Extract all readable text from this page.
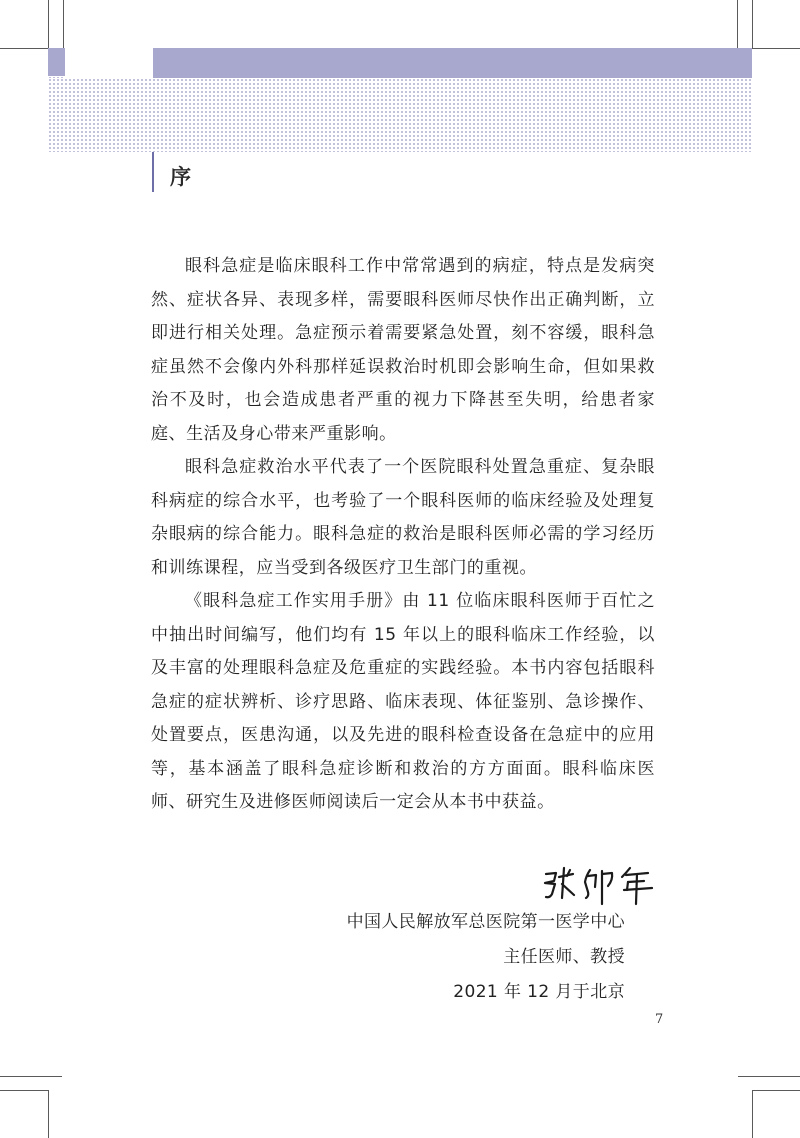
序

眼科急症是临床眼科工作中常常遇到的病症，特点是发病突然、症状各异、表现多样，需要眼科医师尽快作出正确判断，立即进行相关处理。急症预示着需要紧急处置，刻不容缓，眼科急症虽然不会像内外科那样延误救治时机即会影响生命，但如果救治不及时，也会造成患者严重的视力下降甚至失明，给患者家庭、生活及身心带来严重影响。

眼科急症救治水平代表了一个医院眼科处置急重症、复杂眼科病症的综合水平，也考验了一个眼科医师的临床经验及处理复杂眼病的综合能力。眼科急症的救治是眼科医师必需的学习经历和训练课程，应当受到各级医疗卫生部门的重视。

《眼科急症工作实用手册》由 11 位临床眼科医师于百忙之中抽出时间编写，他们均有 15 年以上的眼科临床工作经验，以及丰富的处理眼科急症及危重症的实践经验。本书内容包括眼科急症的症状辨析、诊疗思路、临床表现、体征鉴别、急诊操作、处置要点，医患沟通，以及先进的眼科检查设备在急症中的应用等，基本涵盖了眼科急症诊断和救治的方方面面。眼科临床医师、研究生及进修医师阅读后一定会从本书中获益。

中国人民解放军总医院第一医学中心
主任医师、教授
2021 年 12 月于北京
7
